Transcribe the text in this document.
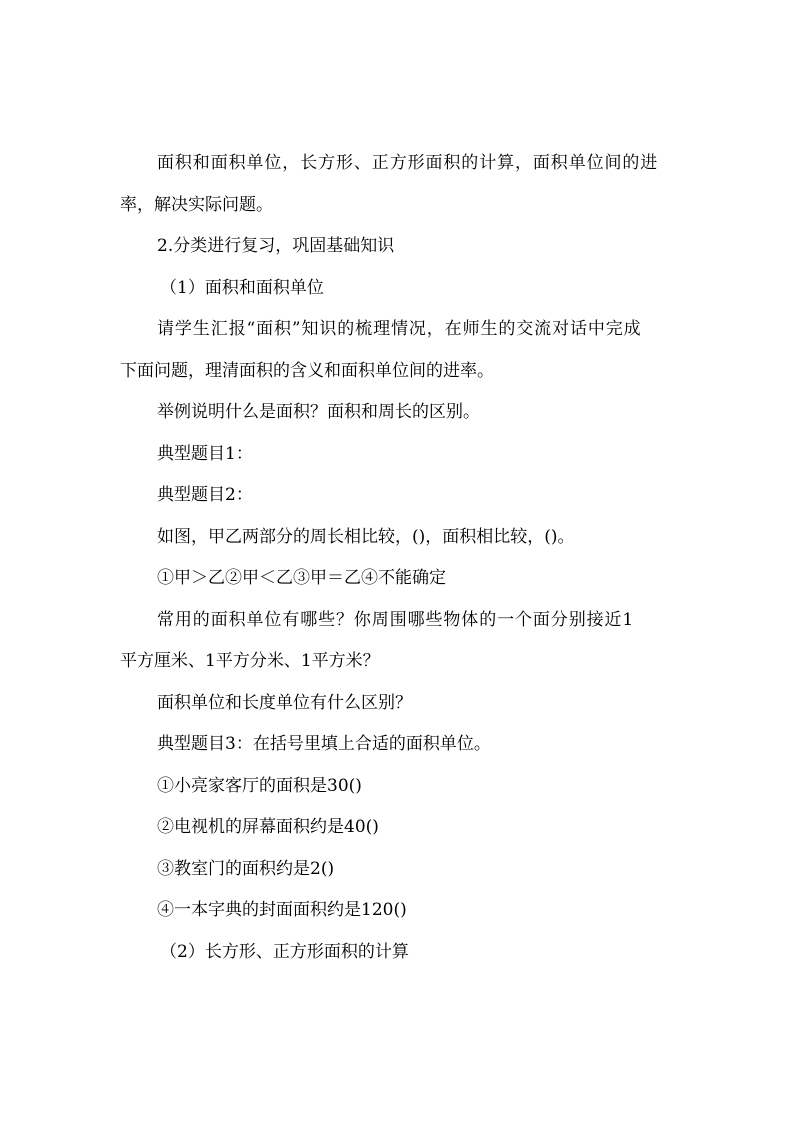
面积和面积单位，长方形、正方形面积的计算，面积单位间的进
率，解决实际问题。
2.分类进行复习，巩固基础知识
（1）面积和面积单位
请学生汇报“面积”知识的梳理情况，在师生的交流对话中完成
下面问题，理清面积的含义和面积单位间的进率。
举例说明什么是面积？面积和周长的区别。
典型题目1：
典型题目2：
如图，甲乙两部分的周长相比较，()，面积相比较，()。
①甲＞乙②甲＜乙③甲＝乙④不能确定
常用的面积单位有哪些？你周围哪些物体的一个面分别接近1
平方厘米、1平方分米、1平方米？
面积单位和长度单位有什么区别？
典型题目3：在括号里填上合适的面积单位。
①小亮家客厅的面积是30()
②电视机的屏幕面积约是40()
③教室门的面积约是2()
④一本字典的封面面积约是120()
（2）长方形、正方形面积的计算
